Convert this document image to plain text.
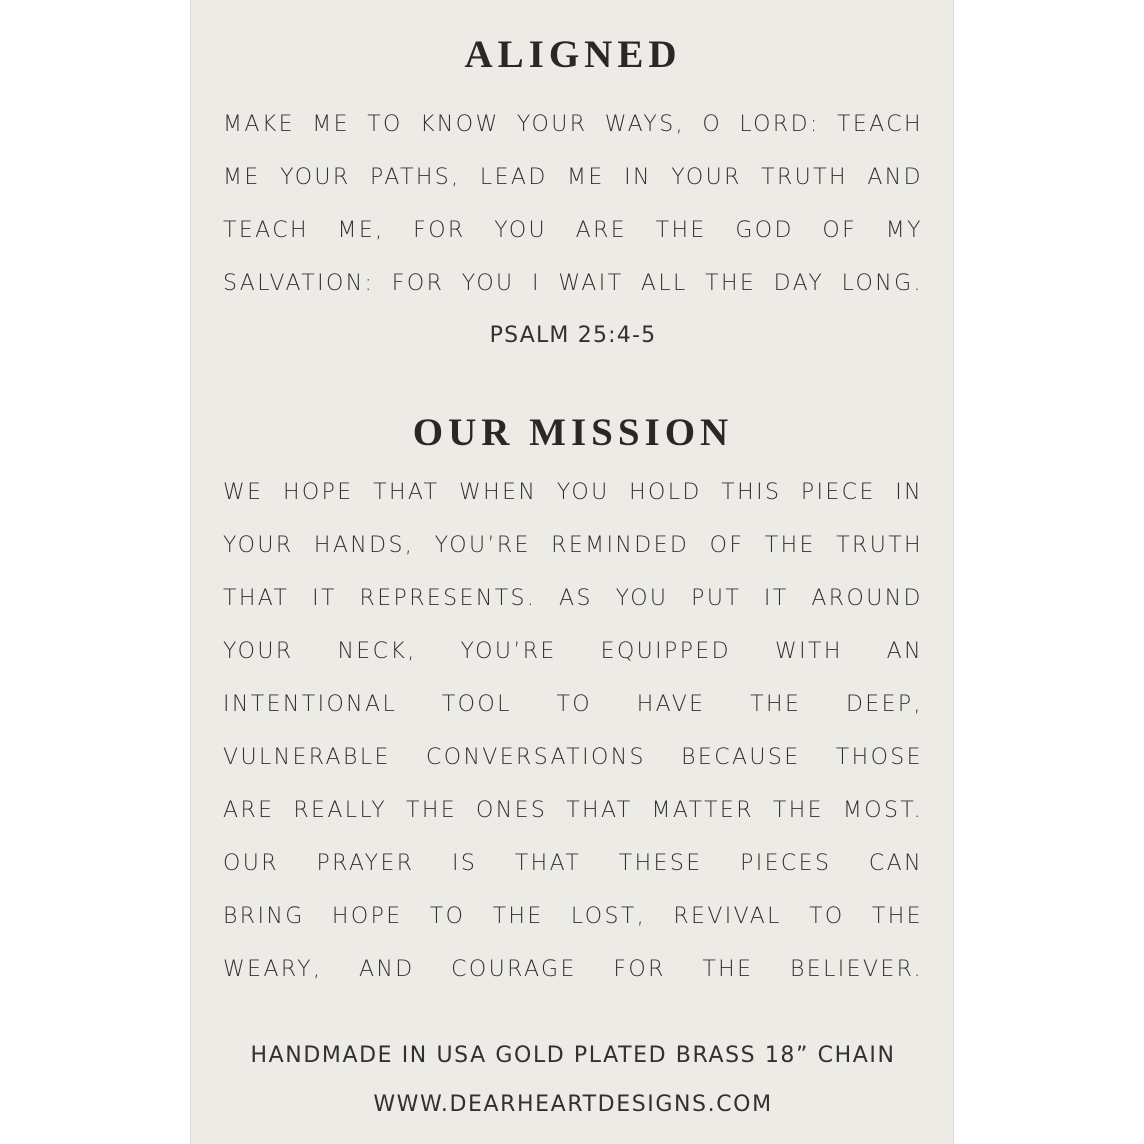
ALIGNED
MAKE ME TO KNOW YOUR WAYS, O LORD: TEACH
ME YOUR PATHS, LEAD ME IN YOUR TRUTH AND
TEACH ME, FOR YOU ARE THE GOD OF MY
SALVATION: FOR YOU I WAIT ALL THE DAY LONG.
PSALM 25:4-5
OUR MISSION
WE HOPE THAT WHEN YOU HOLD THIS PIECE IN
YOUR HANDS, YOU’RE REMINDED OF THE TRUTH
THAT IT REPRESENTS. AS YOU PUT IT AROUND
YOUR NECK, YOU’RE EQUIPPED WITH AN
INTENTIONAL TOOL TO HAVE THE DEEP,
VULNERABLE CONVERSATIONS BECAUSE THOSE
ARE REALLY THE ONES THAT MATTER THE MOST.
OUR PRAYER IS THAT THESE PIECES CAN
BRING HOPE TO THE LOST, REVIVAL TO THE
WEARY, AND COURAGE FOR THE BELIEVER.
HANDMADE IN USA GOLD PLATED BRASS 18” CHAIN
WWW.DEARHEARTDESIGNS.COM
